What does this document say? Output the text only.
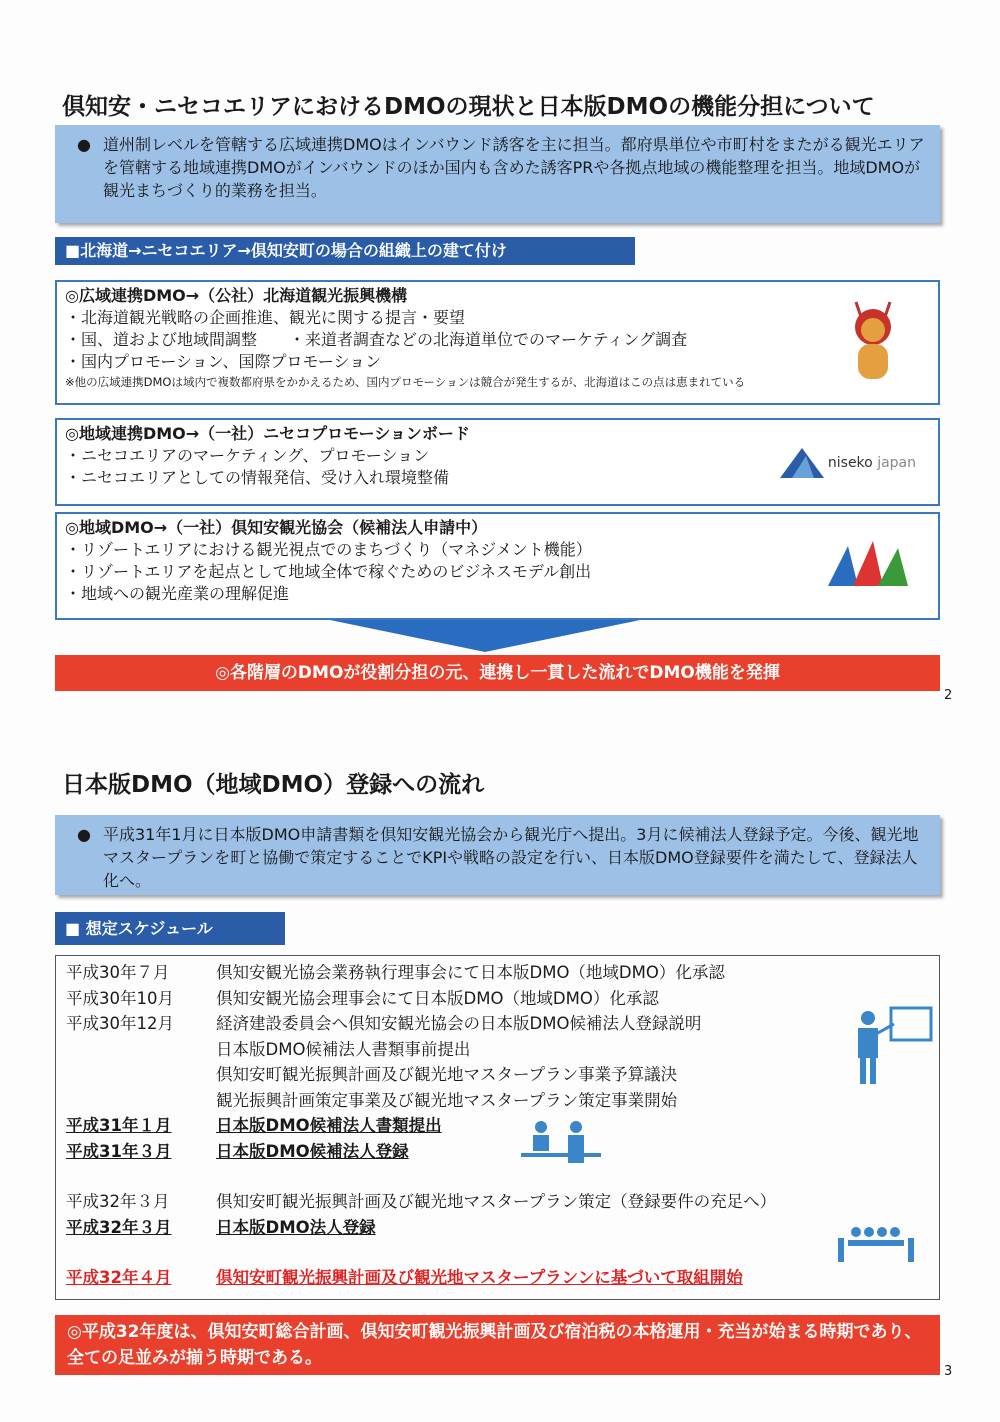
倶知安・ニセコエリアにおけるDMOの現状と日本版DMOの機能分担について
● 道州制レベルを管轄する広域連携DMOはインバウンド誘客を主に担当。都府県単位や市町村をまたがる観光エリアを管轄する地域連携DMOがインバウンドのほか国内も含めた誘客PRや各拠点地域の機能整理を担当。地域DMOが観光まちづくり的業務を担当。
■北海道→ニセコエリア→倶知安町の場合の組織上の建て付け
◎広域連携DMO→（公社）北海道観光振興機構
・北海道観光戦略の企画推進、観光に関する提言・要望
・国、道および地域間調整　　・来道者調査などの北海道単位でのマーケティング調査
・国内プロモーション、国際プロモーション
※他の広域連携DMOは域内で複数都府県をかかえるため、国内プロモーションは競合が発生するが、北海道はこの点は恵まれている
◎地域連携DMO→（一社）ニセコプロモーションボード
・ニセコエリアのマーケティング、プロモーション
・ニセコエリアとしての情報発信、受け入れ環境整備
niseko japan
◎地域DMO→（一社）倶知安観光協会（候補法人申請中）
・リゾートエリアにおける観光視点でのまちづくり（マネジメント機能）
・リゾートエリアを起点として地域全体で稼ぐためのビジネスモデル創出
・地域への観光産業の理解促進
◎各階層のDMOが役割分担の元、連携し一貫した流れでDMO機能を発揮
2
日本版DMO（地域DMO）登録への流れ
● 平成31年1月に日本版DMO申請書類を倶知安観光協会から観光庁へ提出。3月に候補法人登録予定。今後、観光地マスタープランを町と協働で策定することでKPIや戦略の設定を行い、日本版DMO登録要件を満たして、登録法人化へ。
■ 想定スケジュール
平成30年７月	倶知安観光協会業務執行理事会にて日本版DMO（地域DMO）化承認
平成30年10月	倶知安観光協会理事会にて日本版DMO（地域DMO）化承認
平成30年12月	経済建設委員会へ倶知安観光協会の日本版DMO候補法人登録説明
日本版DMO候補法人書類事前提出
倶知安町観光振興計画及び観光地マスタープラン事業予算議決
観光振興計画策定事業及び観光地マスタープラン策定事業開始
平成31年１月	日本版DMO候補法人書類提出
平成31年３月	日本版DMO候補法人登録
平成32年３月	倶知安町観光振興計画及び観光地マスタープラン策定（登録要件の充足へ）
平成32年３月	日本版DMO法人登録
平成32年４月	倶知安町観光振興計画及び観光地マスタープランンに基づいて取組開始
◎平成32年度は、倶知安町総合計画、倶知安町観光振興計画及び宿泊税の本格運用・充当が始まる時期であり、全ての足並みが揃う時期である。
3
